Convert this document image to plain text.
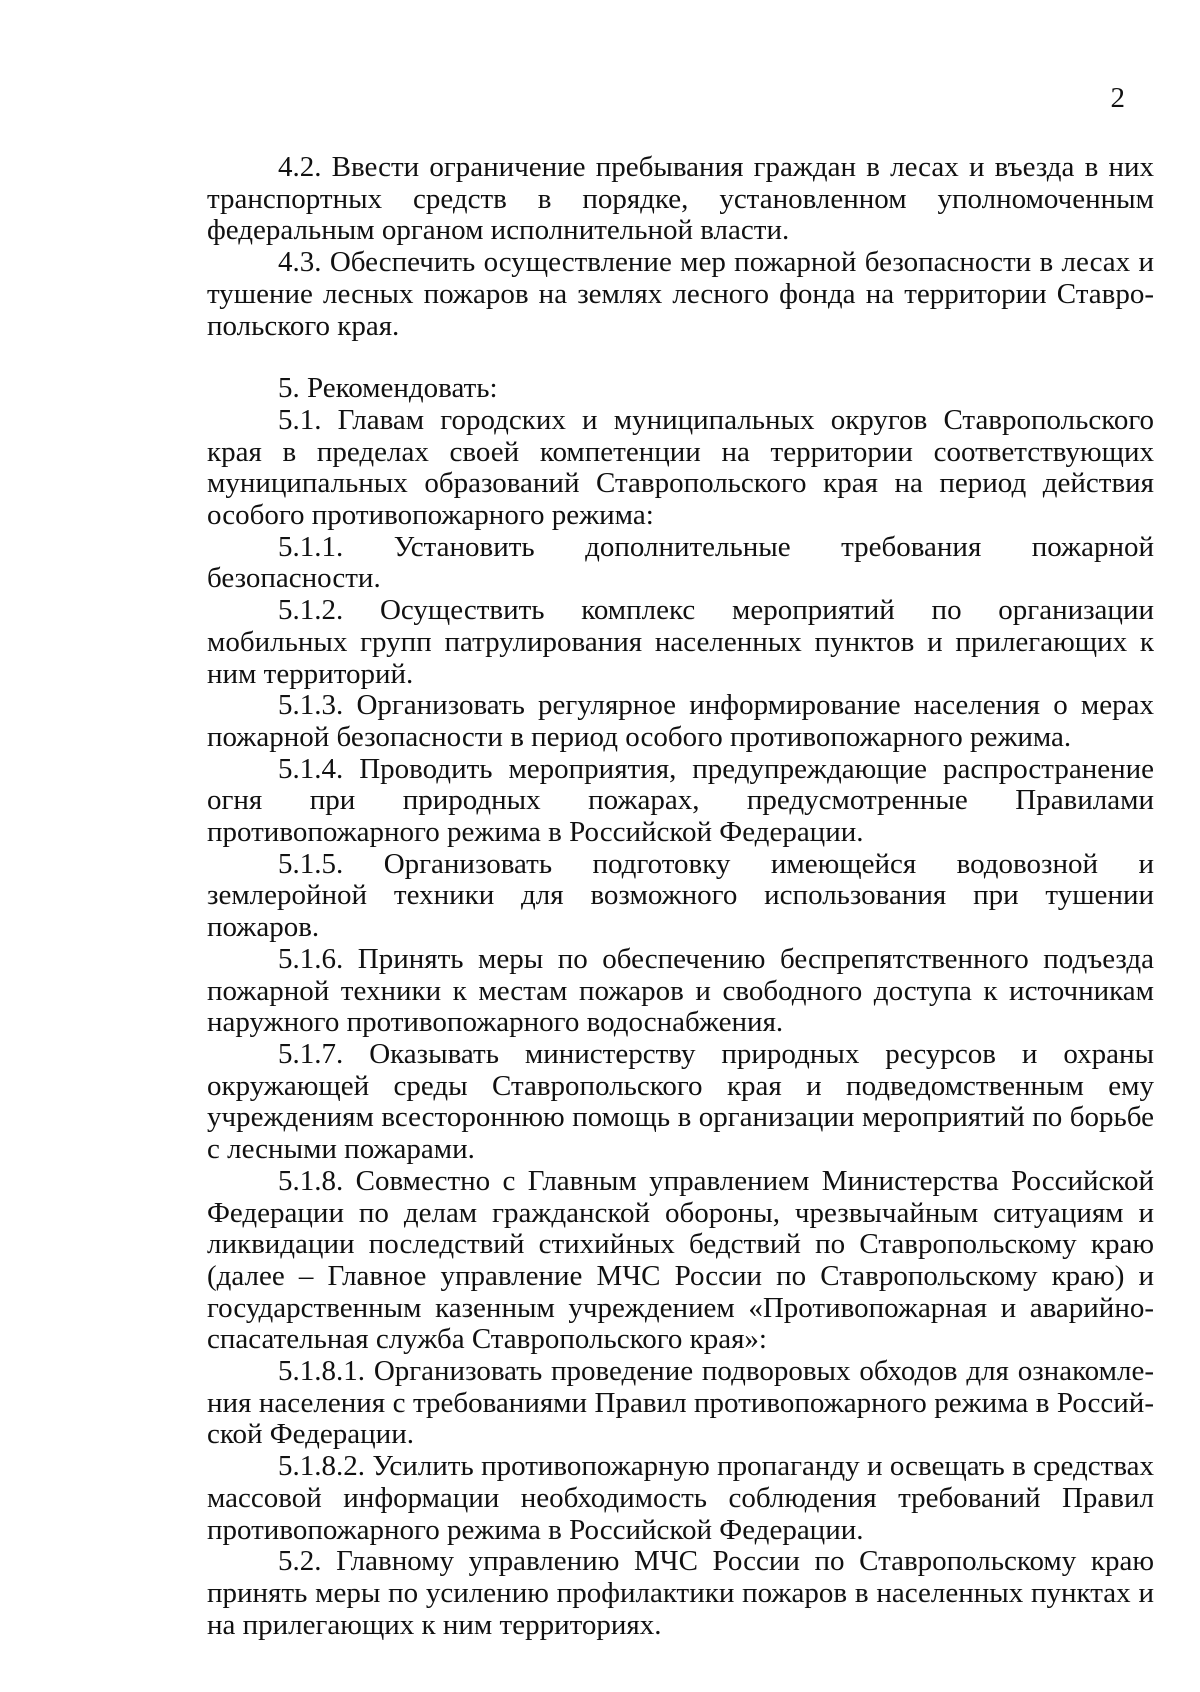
2

4.2. Ввести ограничение пребывания граждан в лесах и въезда в них транспортных средств в порядке, установленном уполномоченным федеральным органом исполнительной власти.

4.3. Обеспечить осуществление мер пожарной безопасности в лесах и тушение лесных пожаров на землях лесного фонда на территории Ставропольского края.

5. Рекомендовать:

5.1. Главам городских и муниципальных округов Ставропольского края в пределах своей компетенции на территории соответствующих муниципальных образований Ставропольского края на период действия особого противопожарного режима:

5.1.1. Установить дополнительные требования пожарной безопасности.

5.1.2. Осуществить комплекс мероприятий по организации мобильных групп патрулирования населенных пунктов и прилегающих к ним территорий.

5.1.3. Организовать регулярное информирование населения о мерах пожарной безопасности в период особого противопожарного режима.

5.1.4. Проводить мероприятия, предупреждающие распространение огня при природных пожарах, предусмотренные Правилами противопожарного режима в Российской Федерации.

5.1.5. Организовать подготовку имеющейся водовозной и землеройной техники для возможного использования при тушении пожаров.

5.1.6. Принять меры по обеспечению беспрепятственного подъезда пожарной техники к местам пожаров и свободного доступа к источникам наружного противопожарного водоснабжения.

5.1.7. Оказывать министерству природных ресурсов и охраны окружающей среды Ставропольского края и подведомственным ему учреждениям всестороннюю помощь в организации мероприятий по борьбе с лесными пожарами.

5.1.8. Совместно с Главным управлением Министерства Российской Федерации по делам гражданской обороны, чрезвычайным ситуациям и ликвидации последствий стихийных бедствий по Ставропольскому краю (далее – Главное управление МЧС России по Ставропольскому краю) и государственным казенным учреждением «Противопожарная и аварийно-спасательная служба Ставропольского края»:

5.1.8.1. Организовать проведение подворовых обходов для ознакомления населения с требованиями Правил противопожарного режима в Российской Федерации.

5.1.8.2. Усилить противопожарную пропаганду и освещать в средствах массовой информации необходимость соблюдения требований Правил противопожарного режима в Российской Федерации.

5.2. Главному управлению МЧС России по Ставропольскому краю принять меры по усилению профилактики пожаров в населенных пунктах и на прилегающих к ним территориях.
